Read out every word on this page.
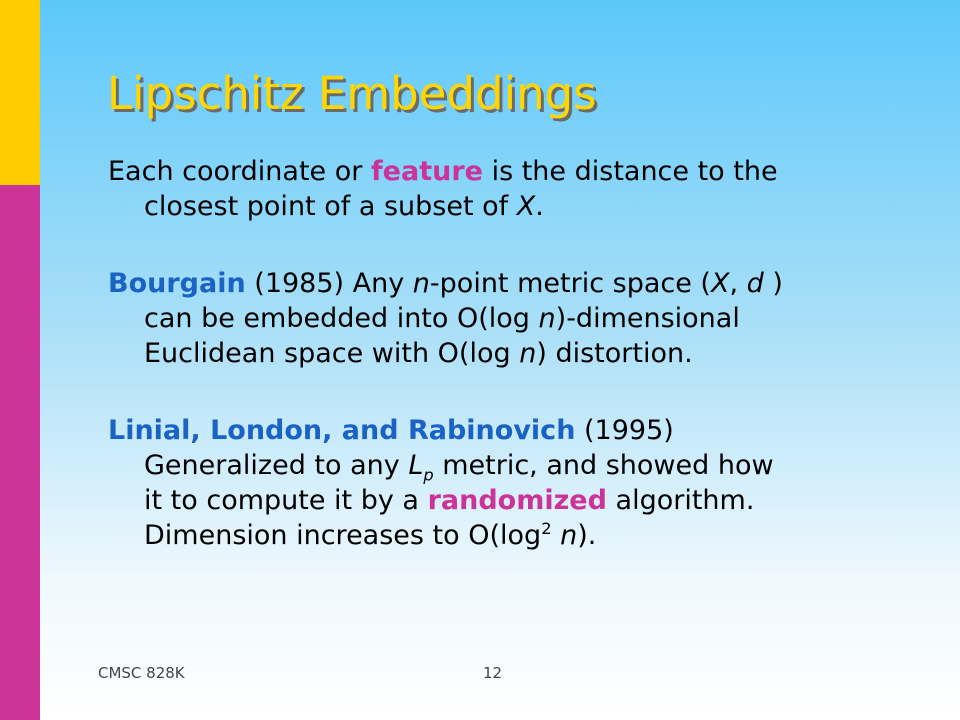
Lipschitz Embeddings
Each coordinate or feature is the distance to the
closest point of a subset of X.
Bourgain (1985) Any n-point metric space (X, d )
can be embedded into O(log n)-dimensional
Euclidean space with O(log n) distortion.
Linial, London, and Rabinovich (1995)
Generalized to any $L_p$ metric, and showed how
it to compute it by a randomized algorithm.
Dimension increases to $O(\log^2$ n).
CMSC 828K	12
